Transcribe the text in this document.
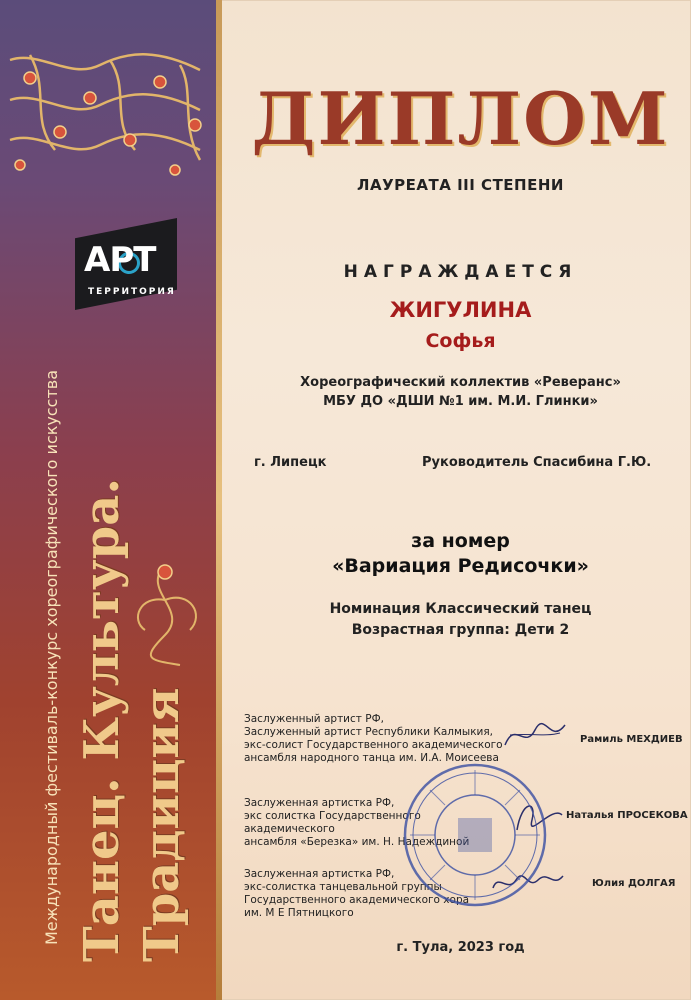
АРТ
ТЕРРИТОРИЯ
Международный фестиваль-конкурс хореографического искусства Танец. Культура. Традиция
ДИПЛОМ
ЛАУРЕАТА III СТЕПЕНИ
НАГРАЖДАЕТСЯ
ЖИГУЛИНА
Софья
Хореографический коллектив «Реверанс»
МБУ ДО «ДШИ №1 им. М.И. Глинки»
г. Липецк	Руководитель Спасибина Г.Ю.
за номер
«Вариация Редисочки»
Номинация Классический танец
Возрастная группа: Дети 2
Заслуженный артист РФ,
Заслуженный артист Республики Калмыкия,
экс-солист Государственного академического
ансамбля народного танца им. И.А. Моисеева
Рамиль МЕХДИЕВ
Заслуженная артистка РФ,
экс солистка Государственного академического
ансамбля «Березка» им. Н. Надеждиной
Наталья ПРОСЕКОВА
Заслуженная артистка РФ,
экс-солистка танцевальной группы
Государственного академического хора
им. М Е Пятницкого
Юлия ДОЛГАЯ
г. Тула, 2023 год
